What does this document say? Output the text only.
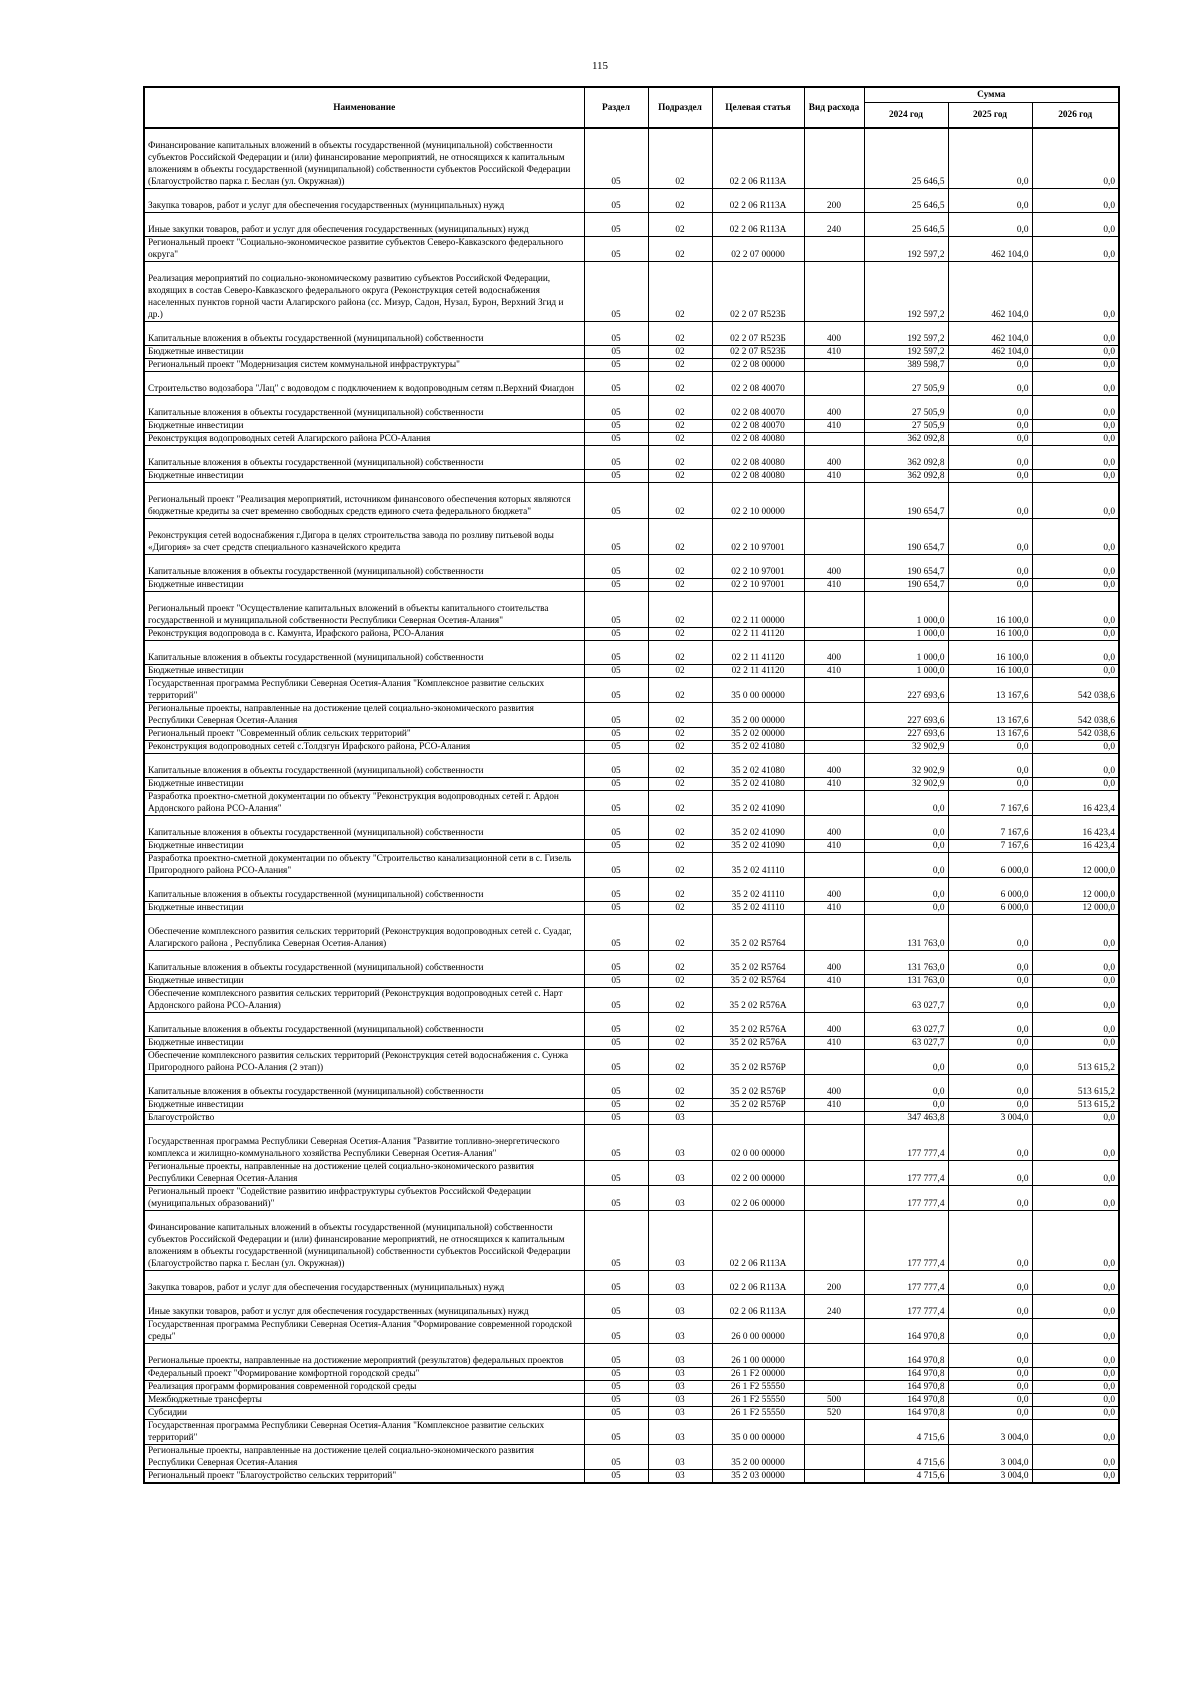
115
Наименование	Раздел	Подраздел	Целевая статья	Вид расхода	Сумма		
					2024 год	2025 год	2026 год
Финансирование капитальных вложений в объекты государственной (муниципальной) собственности субъектов Российской Федерации и (или) финансирование мероприятий, не относящихся к капитальным вложениям в объекты государственной (муниципальной) собственности субъектов Российской Федерации (Благоустройство парка г. Беслан (ул. Окружная))	05	02	02 2 06 R113A		25 646,5	0,0	0,0
Закупка товаров, работ и услуг для обеспечения государственных (муниципальных) нужд	05	02	02 2 06 R113A	200	25 646,5	0,0	0,0
Иные закупки товаров, работ и услуг для обеспечения государственных (муниципальных) нужд	05	02	02 2 06 R113A	240	25 646,5	0,0	0,0
Региональный проект "Социально-экономическое развитие субъектов Северо-Кавказского федерального округа"	05	02	02 2 07 00000		192 597,2	462 104,0	0,0
Реализация мероприятий по социально-экономическому развитию субъектов Российской Федерации, входящих в состав Северо-Кавказского федерального округа (Реконструкция сетей водоснабжения населенных пунктов горной части Алагирского района (сс. Мизур, Садон, Нузал, Бурон, Верхний Згид и др.)	05	02	02 2 07 R523Б		192 597,2	462 104,0	0,0
Капитальные вложения в объекты государственной (муниципальной) собственности	05	02	02 2 07 R523Б	400	192 597,2	462 104,0	0,0
Бюджетные инвестиции	05	02	02 2 07 R523Б	410	192 597,2	462 104,0	0,0
Региональный проект "Модернизация систем коммунальной инфраструктуры"	05	02	02 2 08 00000		389 598,7	0,0	0,0
Строительство водозабора "Лац" с водоводом с подключением к водопроводным сетям п.Верхний Фиагдон	05	02	02 2 08 40070		27 505,9	0,0	0,0
Капитальные вложения в объекты государственной (муниципальной) собственности	05	02	02 2 08 40070	400	27 505,9	0,0	0,0
Бюджетные инвестиции	05	02	02 2 08 40070	410	27 505,9	0,0	0,0
Реконструкция водопроводных сетей Алагирского района РСО-Алания	05	02	02 2 08 40080		362 092,8	0,0	0,0
Капитальные вложения в объекты государственной (муниципальной) собственности	05	02	02 2 08 40080	400	362 092,8	0,0	0,0
Бюджетные инвестиции	05	02	02 2 08 40080	410	362 092,8	0,0	0,0
Региональный проект "Реализация мероприятий, источником финансового обеспечения которых являются бюджетные кредиты за счет временно свободных средств единого счета федерального бюджета"	05	02	02 2 10 00000		190 654,7	0,0	0,0
Реконструкция сетей водоснабжения г.Дигора в целях строительства завода по розливу питьевой воды «Дигория» за счет средств специального казначейского кредита	05	02	02 2 10 97001		190 654,7	0,0	0,0
Капитальные вложения в объекты государственной (муниципальной) собственности	05	02	02 2 10 97001	400	190 654,7	0,0	0,0
Бюджетные инвестиции	05	02	02 2 10 97001	410	190 654,7	0,0	0,0
Региональный проект "Осуществление капитальных вложений в объекты капитального стоительства государственной и муниципальной собственности Республики Северная Осетия-Алания"	05	02	02 2 11 00000		1 000,0	16 100,0	0,0
Реконструкция водопровода в с. Камунта, Ирафского района, РСО-Алания	05	02	02 2 11 41120		1 000,0	16 100,0	0,0
Капитальные вложения в объекты государственной (муниципальной) собственности	05	02	02 2 11 41120	400	1 000,0	16 100,0	0,0
Бюджетные инвестиции	05	02	02 2 11 41120	410	1 000,0	16 100,0	0,0
Государственная программа Республики Северная Осетия-Алания "Комплексное развитие сельских территорий"	05	02	35 0 00 00000		227 693,6	13 167,6	542 038,6
Региональные проекты, направленные на достижение целей социально-экономического развития Республики Северная Осетия-Алания	05	02	35 2 00 00000		227 693,6	13 167,6	542 038,6
Региональный проект "Современный облик сельских территорий"	05	02	35 2 02 00000		227 693,6	13 167,6	542 038,6
Реконструкция водопроводных сетей с.Толдзгун Ирафского района, РСО-Алания	05	02	35 2 02 41080		32 902,9	0,0	0,0
Капитальные вложения в объекты государственной (муниципальной) собственности	05	02	35 2 02 41080	400	32 902,9	0,0	0,0
Бюджетные инвестиции	05	02	35 2 02 41080	410	32 902,9	0,0	0,0
Разработка проектно-сметной документации по объекту "Реконструкция водопроводных сетей г. Ардон Ардонского района РСО-Алания"	05	02	35 2 02 41090		0,0	7 167,6	16 423,4
Капитальные вложения в объекты государственной (муниципальной) собственности	05	02	35 2 02 41090	400	0,0	7 167,6	16 423,4
Бюджетные инвестиции	05	02	35 2 02 41090	410	0,0	7 167,6	16 423,4
Разработка проектно-сметной документации по объекту "Строительство канализационной сети в с. Гизель Пригородного района РСО-Алания"	05	02	35 2 02 41110		0,0	6 000,0	12 000,0
Капитальные вложения в объекты государственной (муниципальной) собственности	05	02	35 2 02 41110	400	0,0	6 000,0	12 000,0
Бюджетные инвестиции	05	02	35 2 02 41110	410	0,0	6 000,0	12 000,0
Обеспечение комплексного развития сельских территорий (Реконструкция водопроводных сетей с. Суадаг, Алагирского района , Республика Северная Осетия-Алания)	05	02	35 2 02 R5764		131 763,0	0,0	0,0
Капитальные вложения в объекты государственной (муниципальной) собственности	05	02	35 2 02 R5764	400	131 763,0	0,0	0,0
Бюджетные инвестиции	05	02	35 2 02 R5764	410	131 763,0	0,0	0,0
Обеспечение комплексного развития сельских территорий (Реконструкция водопроводных сетей с. Нарт Ардонского района РСО-Алания)	05	02	35 2 02 R576A		63 027,7	0,0	0,0
Капитальные вложения в объекты государственной (муниципальной) собственности	05	02	35 2 02 R576A	400	63 027,7	0,0	0,0
Бюджетные инвестиции	05	02	35 2 02 R576A	410	63 027,7	0,0	0,0
Обеспечение комплексного развития сельских территорий (Реконструкция сетей водоснабжения с. Сунжа Пригородного района РСО-Алания (2 этап))	05	02	35 2 02 R576P		0,0	0,0	513 615,2
Капитальные вложения в объекты государственной (муниципальной) собственности	05	02	35 2 02 R576P	400	0,0	0,0	513 615,2
Бюджетные инвестиции	05	02	35 2 02 R576P	410	0,0	0,0	513 615,2
Благоустройство	05	03			347 463,8	3 004,0	0,0
Государственная программа Республики Северная Осетия-Алания "Развитие топливно-энергетического комплекса и жилищно-коммунального хозяйства Республики Северная Осетия-Алания"	05	03	02 0 00 00000		177 777,4	0,0	0,0
Региональные проекты, направленные на достижение целей социально-экономического развития Республики Северная Осетия-Алания	05	03	02 2 00 00000		177 777,4	0,0	0,0
Региональный проект "Содействие развитию инфраструктуры субъектов Российской Федерации (муниципальных образований)"	05	03	02 2 06 00000		177 777,4	0,0	0,0
Финансирование капитальных вложений в объекты государственной (муниципальной) собственности субъектов Российской Федерации и (или) финансирование мероприятий, не относящихся к капитальным вложениям в объекты государственной (муниципальной) собственности субъектов Российской Федерации (Благоустройство парка г. Беслан (ул. Окружная))	05	03	02 2 06 R113A		177 777,4	0,0	0,0
Закупка товаров, работ и услуг для обеспечения государственных (муниципальных) нужд	05	03	02 2 06 R113A	200	177 777,4	0,0	0,0
Иные закупки товаров, работ и услуг для обеспечения государственных (муниципальных) нужд	05	03	02 2 06 R113A	240	177 777,4	0,0	0,0
Государственная программа Республики Северная Осетия-Алания "Формирование современной городской среды"	05	03	26 0 00 00000		164 970,8	0,0	0,0
Региональные проекты, направленные на достижение мероприятий (результатов) федеральных проектов	05	03	26 1 00 00000		164 970,8	0,0	0,0
Федеральный проект "Формирование комфортной городской среды"	05	03	26 1 F2 00000		164 970,8	0,0	0,0
Реализация программ формирования современной городской среды	05	03	26 1 F2 55550		164 970,8	0,0	0,0
Межбюджетные трансферты	05	03	26 1 F2 55550	500	164 970,8	0,0	0,0
Субсидии	05	03	26 1 F2 55550	520	164 970,8	0,0	0,0
Государственная программа Республики Северная Осетия-Алания "Комплексное развитие сельских территорий"	05	03	35 0 00 00000		4 715,6	3 004,0	0,0
Региональные проекты, направленные на достижение целей социально-экономического развития Республики Северная Осетия-Алания	05	03	35 2 00 00000		4 715,6	3 004,0	0,0
Региональный проект "Благоустройство сельских территорий"	05	03	35 2 03 00000		4 715,6	3 004,0	0,0
